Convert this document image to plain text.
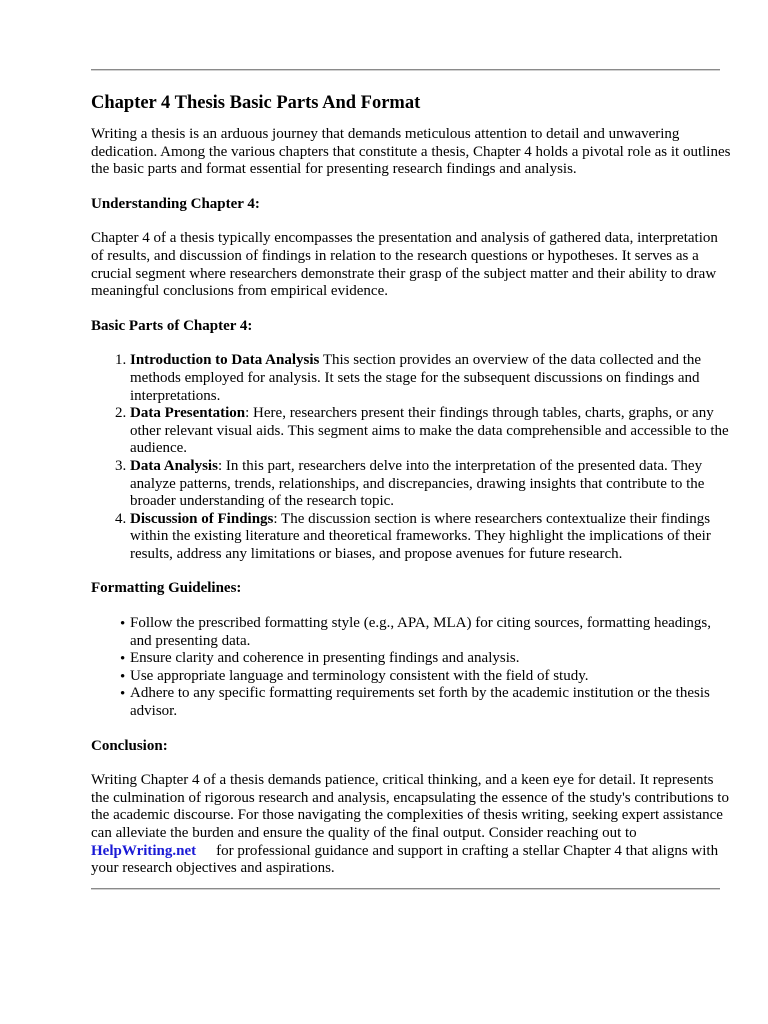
Chapter 4 Thesis Basic Parts And Format

Writing a thesis is an arduous journey that demands meticulous attention to detail and unwavering dedication. Among the various chapters that constitute a thesis, Chapter 4 holds a pivotal role as it outlines the basic parts and format essential for presenting research findings and analysis.

Understanding Chapter 4:

Chapter 4 of a thesis typically encompasses the presentation and analysis of gathered data, interpretation of results, and discussion of findings in relation to the research questions or hypotheses. It serves as a crucial segment where researchers demonstrate their grasp of the subject matter and their ability to draw meaningful conclusions from empirical evidence.

Basic Parts of Chapter 4:
1. Introduction to Data Analysis This section provides an overview of the data collected and the methods employed for analysis. It sets the stage for the subsequent discussions on findings and interpretations.
2. Data Presentation: Here, researchers present their findings through tables, charts, graphs, or any other relevant visual aids. This segment aims to make the data comprehensible and accessible to the audience.
3. Data Analysis: In this part, researchers delve into the interpretation of the presented data. They analyze patterns, trends, relationships, and discrepancies, drawing insights that contribute to the broader understanding of the research topic.
4. Discussion of Findings: The discussion section is where researchers contextualize their findings within the existing literature and theoretical frameworks. They highlight the implications of their results, address any limitations or biases, and propose avenues for future research.
Formatting Guidelines:
• Follow the prescribed formatting style (e.g., APA, MLA) for citing sources, formatting headings, and presenting data.
• Ensure clarity and coherence in presenting findings and analysis.
• Use appropriate language and terminology consistent with the field of study.
• Adhere to any specific formatting requirements set forth by the academic institution or the thesis advisor.
Conclusion:

Writing Chapter 4 of a thesis demands patience, critical thinking, and a keen eye for detail. It represents the culmination of rigorous research and analysis, encapsulating the essence of the study's contributions to the academic discourse. For those navigating the complexities of thesis writing, seeking expert assistance can alleviate the burden and ensure the quality of the final output. Consider reaching out toHelpWriting.net for professional guidance and support in crafting a stellar Chapter 4 that aligns with your research objectives and aspirations.
